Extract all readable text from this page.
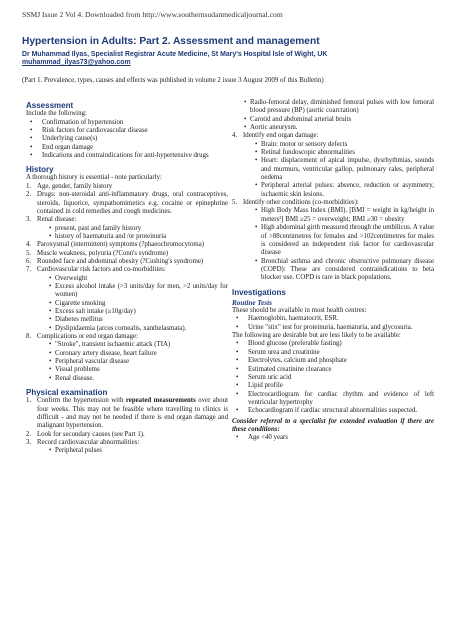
SSMJ Issue 2 Vol 4. Downloaded from http://www.southernsudanmedicaljournal.com
Hypertension in Adults: Part 2. Assessment and management
Dr Muhammad Ilyas, Specialist Registrar Acute Medicine, St Mary's Hospital Isle of Wight, UK
muhammad_ilyas73@yahoo.com
(Part 1. Prevalence, types, causes and effects was published in volume 2 issue 3 August 2009 of this Bulletin)
Assessment
Include the following:
• Confirmation of hypertension
• Risk factors for cardiovascular disease
• Underlying cause(s)
• End organ damage
• Indications and contraindications for anti-hypertensive drugs
History
A thorough history is essential - note particularly:
1. Age, gender, family history
2. Drugs: non-steroidal anti-inflammatory drugs, oral contraceptives, steroids, liquorice, sympathomimetics e.g. cocaine or epinephrine contained in cold remedies and cough medicines.
3. Renal disease:
• present, past and family history
• history of haematuria and /or proteinuria
4. Paroxysmal (intermittent) symptoms (?phaeochromocytoma)
5. Muscle weakness, polyuria (?Conn's syndrome)
6. Rounded face and abdominal obesity (?Cushing's syndrome)
7. Cardiovascular risk factors and co-morbidities:
• Overweight
• Excess alcohol intake (>3 units/day for men, >2 units/day for women)
• Cigarette smoking
• Excess salt intake (≥10g/day)
• Diabetes mellitus
• Dyslipidaemia (arcus cornealis, xanthelasmata).
8. Complications or end organ damage:
• "Stroke", transient ischaemic attack (TIA)
• Coronary artery disease, heart failure
• Peripheral vascular disease
• Visual problems
• Renal disease.
Physical examination
1. Confirm the hypertension with repeated measurements over about four weeks. This may not be feasible where travelling to clinics is difficult - and may not be needed if there is end organ damage and malignant hypertension.
2. Look for secondary causes (see Part 1).
3. Record cardiovascular abnormalities:
• Peripheral pulses
• Radio-femoral delay, diminished femoral pulses with low femoral blood pressure (BP) (aortic coarctation)
• Carotid and abdominal arterial bruits
• Aortic aneurysm.
4. Identify end organ damage:
• Brain: motor or sensory defects
• Retinal fundoscopic abnormalities
• Heart: displacement of apical impulse, dysrhythmias, sounds and murmurs, ventricular gallop, pulmonary rales, peripheral oedema
• Peripheral arterial pulses: absence, reduction or asymmetry, ischaemic skin lesions.
5. Identify other conditions (co-morbidities):
• High Body Mass Index (BMI). [BMI = weight in kg/height in meters²] BMI ≥25 = overweight; BMI ≥30 = obesity
• High abdominal girth measured through the umbilicus. A value of >88centimetres for females and >102centimetres for males is considered an independent risk factor for cardiovascular disease
• Bronchial asthma and chronic obstructive pulmonary disease (COPD): These are considered contraindications to beta blocker use. COPD is rare in black populations.
Investigations
Routine Tests
These should be available in most health centres:
• Haemoglobin, haematocrit, ESR.
• Urine "stix" test for proteinuria, haematuria, and glycosuria.
The following are desirable but are less likely to be available:
• Blood glucose (preferable fasting)
• Serum urea and creatinine
• Electrolytes, calcium and phosphate
• Estimated creatinine clearance
• Serum uric acid
• Lipid profile
• Electrocardiogram for cardiac rhythm and evidence of left ventricular hypertrophy
• Echocardiogram if cardiac structural abnormalities suspected.
Consider referral to a specialist for extended evaluation if there are these conditions:
• Age <40 years
